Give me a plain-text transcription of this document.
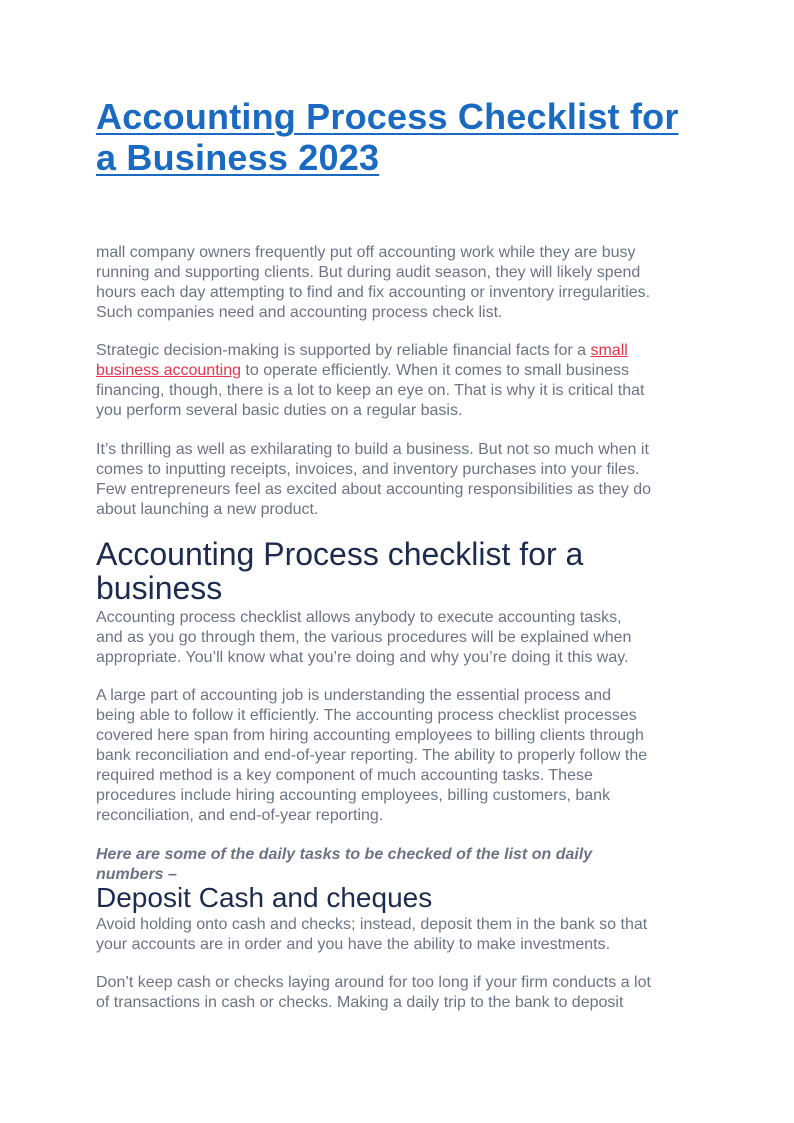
Accounting Process Checklist for
a Business 2023
mall company owners frequently put off accounting work while they are busy
running and supporting clients. But during audit season, they will likely spend
hours each day attempting to find and fix accounting or inventory irregularities.
Such companies need and accounting process check list.
Strategic decision-making is supported by reliable financial facts for a small
business accounting to operate efficiently. When it comes to small business
financing, though, there is a lot to keep an eye on. That is why it is critical that
you perform several basic duties on a regular basis.
It’s thrilling as well as exhilarating to build a business. But not so much when it
comes to inputting receipts, invoices, and inventory purchases into your files.
Few entrepreneurs feel as excited about accounting responsibilities as they do
about launching a new product.
Accounting Process checklist for a
business
Accounting process checklist allows anybody to execute accounting tasks,
and as you go through them, the various procedures will be explained when
appropriate. You’ll know what you’re doing and why you’re doing it this way.
A large part of accounting job is understanding the essential process and
being able to follow it efficiently. The accounting process checklist processes
covered here span from hiring accounting employees to billing clients through
bank reconciliation and end-of-year reporting. The ability to properly follow the
required method is a key component of much accounting tasks. These
procedures include hiring accounting employees, billing customers, bank
reconciliation, and end-of-year reporting.
Here are some of the daily tasks to be checked of the list on daily
numbers –
Deposit Cash and cheques
Avoid holding onto cash and checks; instead, deposit them in the bank so that
your accounts are in order and you have the ability to make investments.
Don’t keep cash or checks laying around for too long if your firm conducts a lot
of transactions in cash or checks. Making a daily trip to the bank to deposit
